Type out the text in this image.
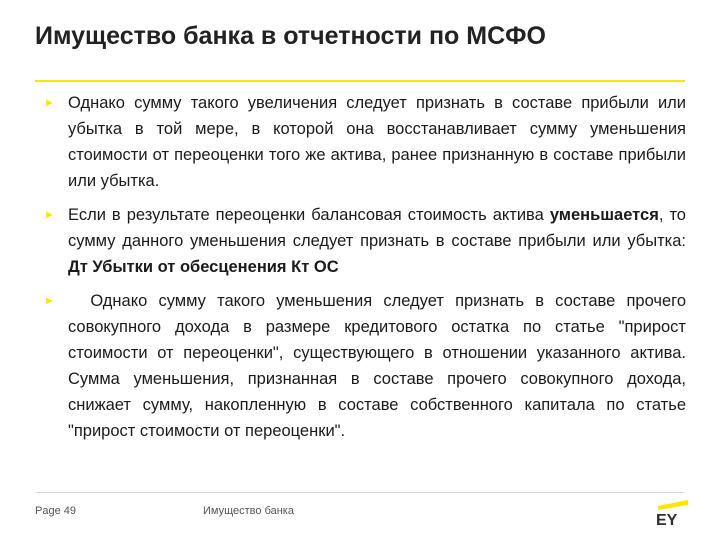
Имущество банка в отчетности по МСФО
► Однако сумму такого увеличения следует признать в составе прибыли или убытка в той мере, в которой она восстанавливает сумму уменьшения стоимости от переоценки того же актива, ранее признанную в составе прибыли или убытка.
► Если в результате переоценки балансовая стоимость актива уменьшается, то сумму данного уменьшения следует признать в составе прибыли или убытка: Дт Убытки от обесценения Кт ОС
► Однако сумму такого уменьшения следует признать в составе прочего совокупного дохода в размере кредитового остатка по статье "прирост стоимости от переоценки", существующего в отношении указанного актива. Сумма уменьшения, признанная в составе прочего совокупного дохода, снижает сумму, накопленную в составе собственного капитала по статье "прирост стоимости от переоценки".
Page 49	Имущество банка
EY
